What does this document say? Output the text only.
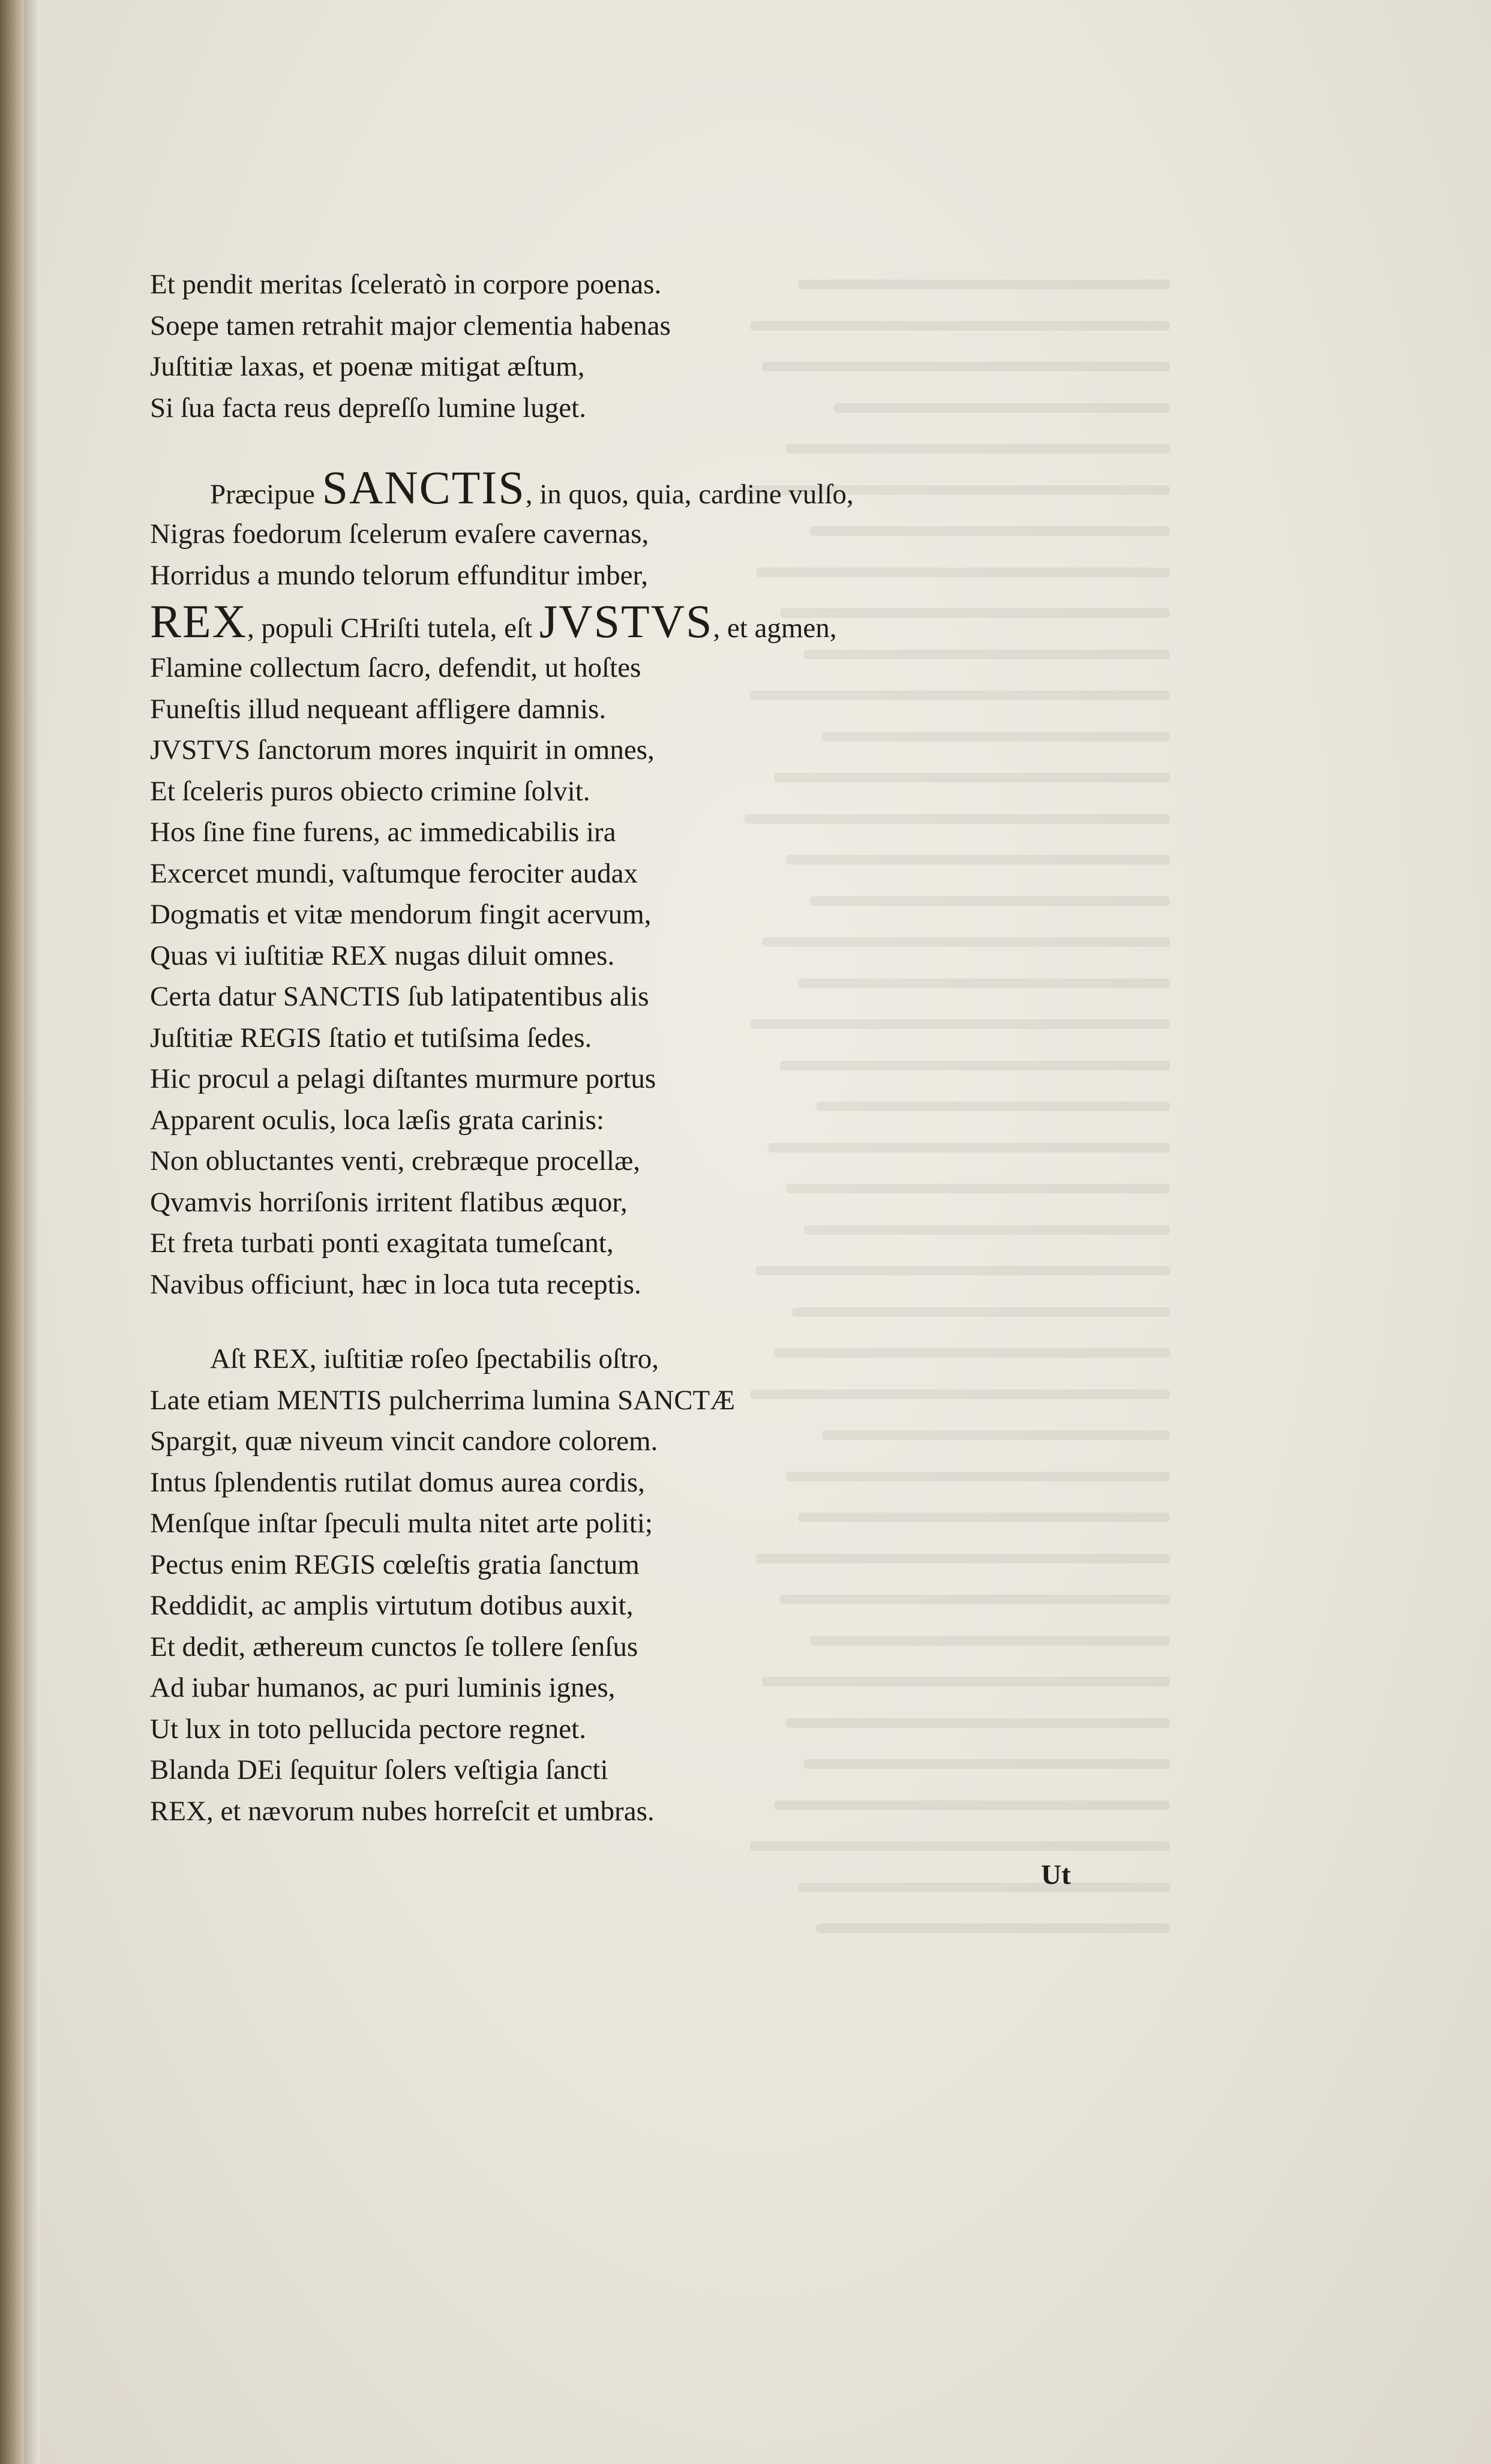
Et pendit meritas ſceleratò in corpore poenas.
Soepe tamen retrahit major clementia habenas
Juſtitiæ laxas, et poenæ mitigat æſtum,
Si ſua facta reus depreſſo lumine luget.
Præcipue SANCTIS, in quos, quia, cardine vulſo,
Nigras foedorum ſcelerum evaſere cavernas,
Horridus a mundo telorum effunditur imber,
REX, populi CHriſti tutela, eſt JVSTVS, et agmen,
Flamine collectum ſacro, defendit, ut hoſtes
Funeſtis illud nequeant affligere damnis.
JVSTVS ſanctorum mores inquirit in omnes,
Et ſceleris puros obiecto crimine ſolvit.
Hos ſine fine furens, ac immedicabilis ira
Excercet mundi, vaſtumque ferociter audax
Dogmatis et vitæ mendorum fingit acervum,
Quas vi iuſtitiæ REX nugas diluit omnes.
Certa datur SANCTIS ſub latipatentibus alis
Juſtitiæ REGIS ſtatio et tutiſsima ſedes.
Hic procul a pelagi diſtantes murmure portus
Apparent oculis, loca læſis grata carinis:
Non obluctantes venti, crebræque procellæ,
Qvamvis horriſonis irritent flatibus æquor,
Et freta turbati ponti exagitata tumeſcant,
Navibus officiunt, hæc in loca tuta receptis.
Aſt REX, iuſtitiæ roſeo ſpectabilis oſtro,
Late etiam MENTIS pulcherrima lumina SANCTÆ
Spargit, quæ niveum vincit candore colorem.
Intus ſplendentis rutilat domus aurea cordis,
Menſque inſtar ſpeculi multa nitet arte politi;
Pectus enim REGIS cœleſtis gratia ſanctum
Reddidit, ac amplis virtutum dotibus auxit,
Et dedit, æthereum cunctos ſe tollere ſenſus
Ad iubar humanos, ac puri luminis ignes,
Ut lux in toto pellucida pectore regnet.
Blanda DEi ſequitur ſolers veſtigia ſancti
REX, et nævorum nubes horreſcit et umbras.
Ut
